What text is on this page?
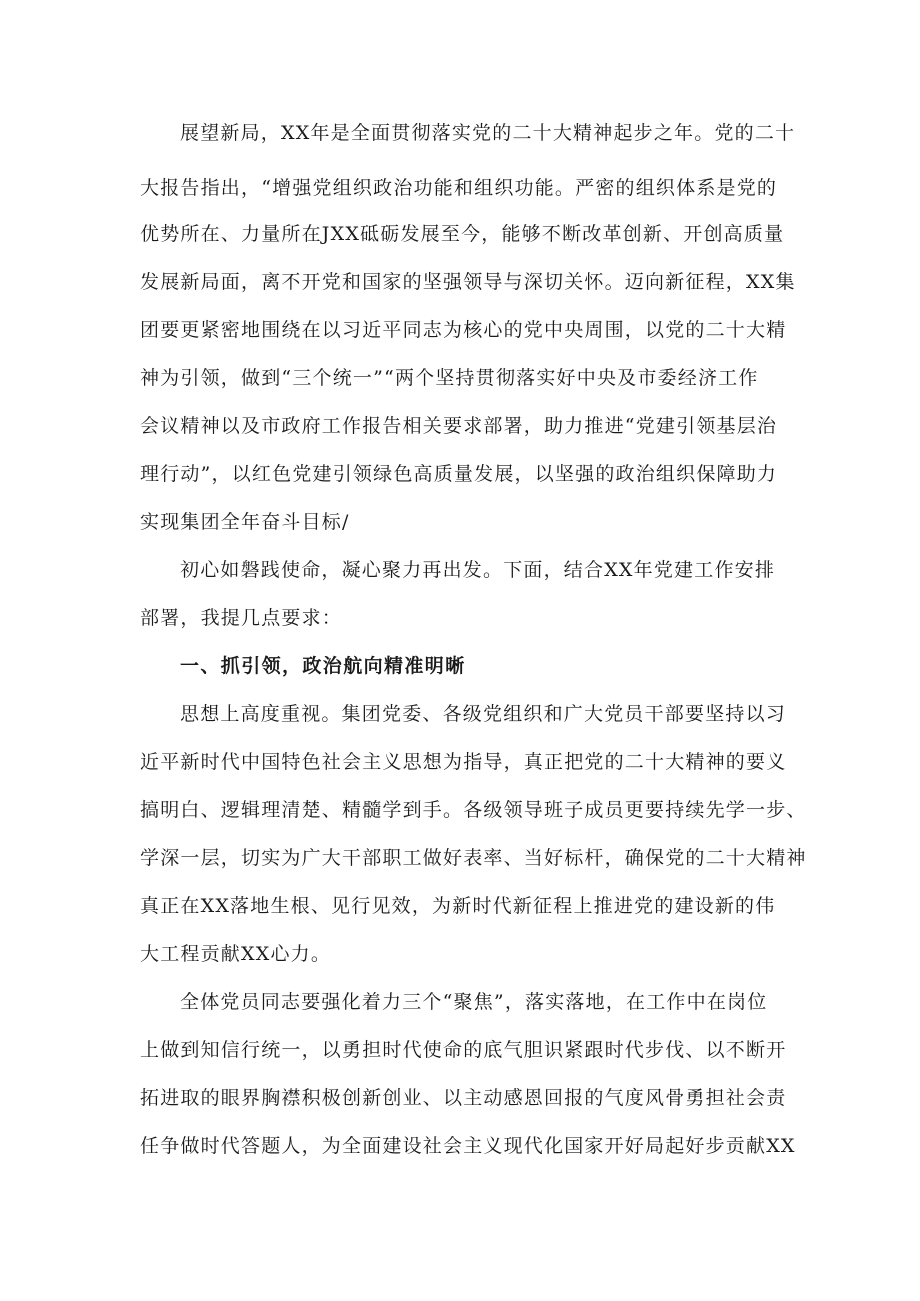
展望新局，XX年是全面贯彻落实党的二十大精神起步之年。党的二十
大报告指出，“增强党组织政治功能和组织功能。严密的组织体系是党的
优势所在、力量所在JXX砥砺发展至今，能够不断改革创新、开创高质量
发展新局面，离不开党和国家的坚强领导与深切关怀。迈向新征程，XX集
团要更紧密地围绕在以习近平同志为核心的党中央周围，以党的二十大精
神为引领，做到“三个统一”“两个坚持贯彻落实好中央及市委经济工作
会议精神以及市政府工作报告相关要求部署，助力推进“党建引领基层治
理行动”，以红色党建引领绿色高质量发展，以坚强的政治组织保障助力
实现集团全年奋斗目标/
初心如磐践使命，凝心聚力再出发。下面，结合XX年党建工作安排
部署，我提几点要求：
一、抓引领，政治航向精准明晰
思想上高度重视。集团党委、各级党组织和广大党员干部要坚持以习
近平新时代中国特色社会主义思想为指导，真正把党的二十大精神的要义
搞明白、逻辑理清楚、精髓学到手。各级领导班子成员更要持续先学一步、
学深一层，切实为广大干部职工做好表率、当好标杆，确保党的二十大精神
真正在XX落地生根、见行见效，为新时代新征程上推进党的建设新的伟
大工程贡献XX心力。
全体党员同志要强化着力三个“聚焦”，落实落地，在工作中在岗位
上做到知信行统一，以勇担时代使命的底气胆识紧跟时代步伐、以不断开
拓进取的眼界胸襟积极创新创业、以主动感恩回报的气度风骨勇担社会责
任争做时代答题人，为全面建设社会主义现代化国家开好局起好步贡献XX
